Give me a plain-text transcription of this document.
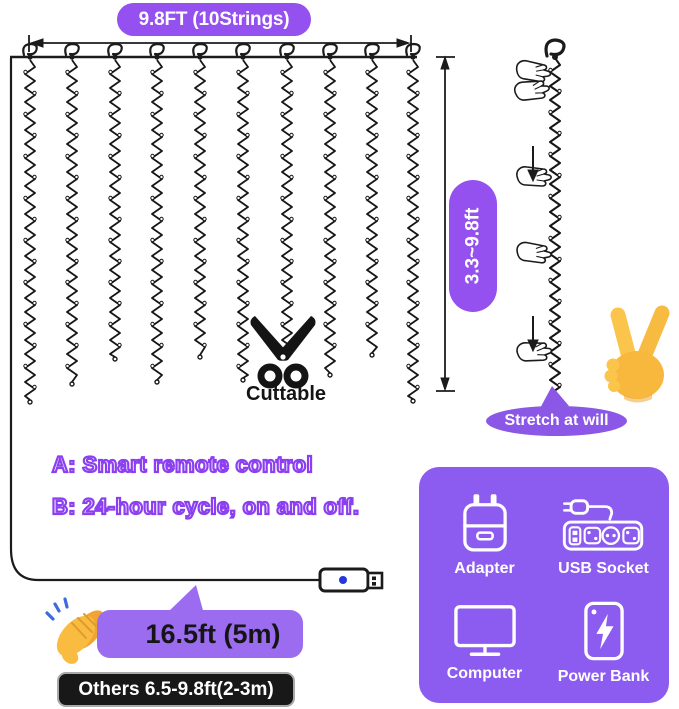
9.8FT (10Strings)
3.3~9.8ft
Cuttable
Stretch at will
A: Smart remote control
B: 24-hour cycle, on and off.
16.5ft (5m)
Others 6.5-9.8ft(2-3m)
Adapter	USB Socket
Computer Power Bank
